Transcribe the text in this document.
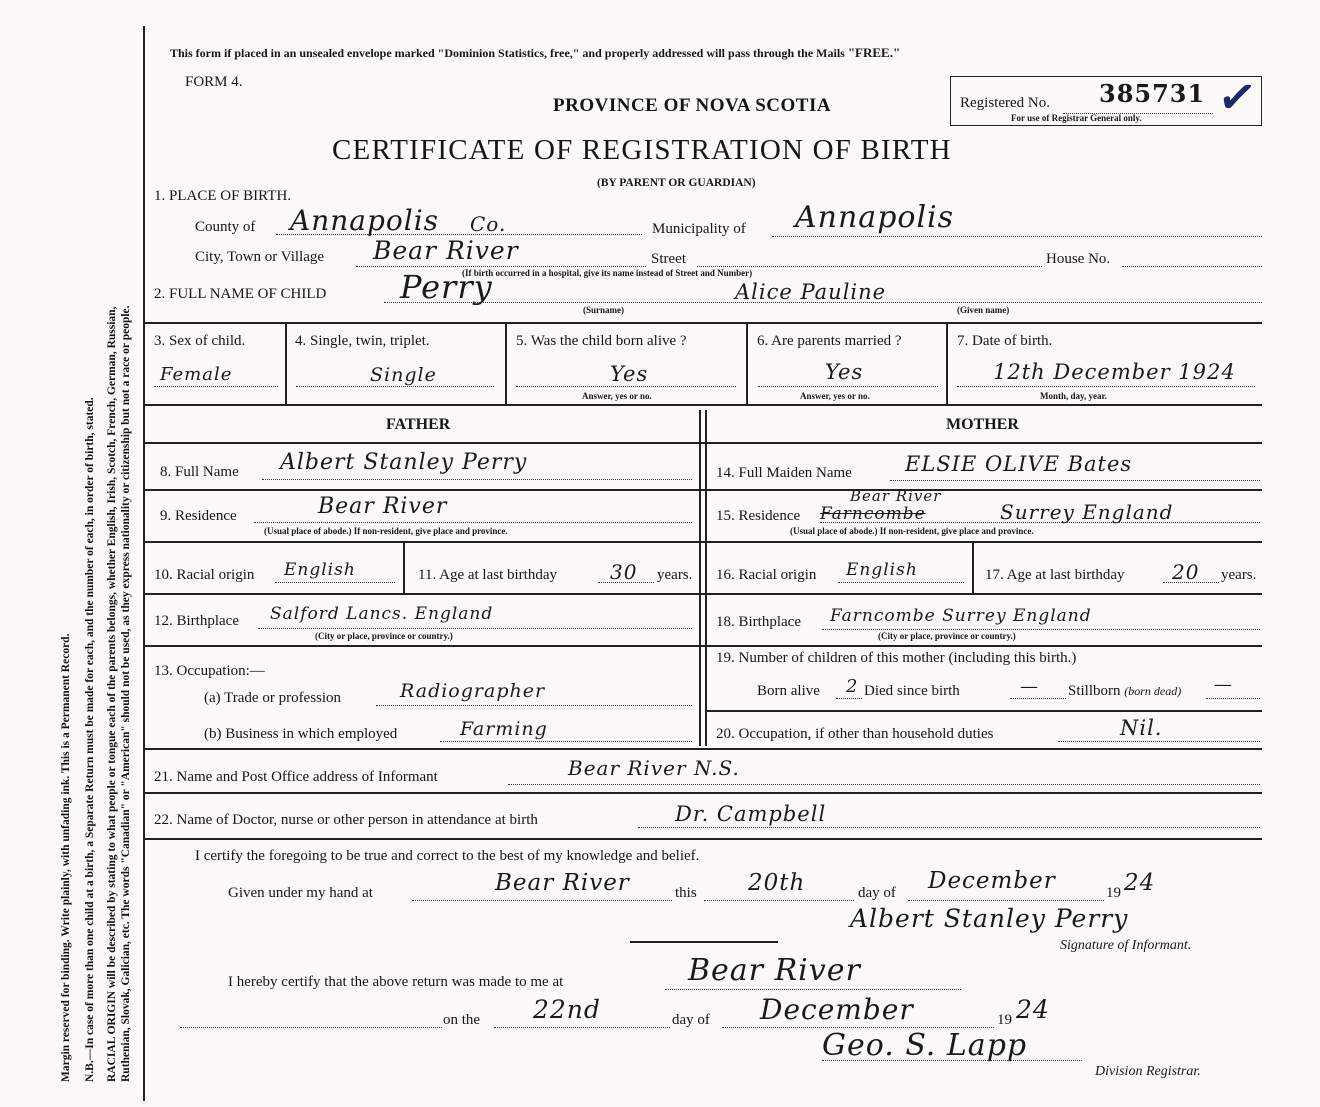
Margin reserved for binding. Write plainly, with unfading ink. This is a Permanent Record. N.B.—In case of more than one child at a birth, a Separate Return must be made for each, and the number of each, in order of birth, stated. RACIAL ORIGIN will be described by stating to what people or tongue each of the parents belongs, whether English, Irish, Scotch, French, German, Russian, Ruthenian, Slovak, Galician, etc. The words "Canadian" or "American" should not be used, as they express nationality or citizenship but not a race or people.
This form if placed in an unsealed envelope marked "Dominion Statistics, free," and properly addressed will pass through the Mails "FREE."
FORM 4.
PROVINCE OF NOVA SCOTIA	Registered No. 385731
For use of Registrar General only. ✓
CERTIFICATE OF REGISTRATION OF BIRTH
(BY PARENT OR GUARDIAN)
1. PLACE OF BIRTH.
County of Annapolis Co.	Municipality of Annapolis
City, Town or Village Bear River	Street	House No.
(If birth occurred in a hospital, give its name instead of Street and Number)
2. FULL NAME OF CHILD Perry	Alice Pauline
(Surname)	(Given name)
3. Sex of child.
Female
4. Single, twin, triplet.
Single
5. Was the child born alive ?
Yes
Answer, yes or no.
6. Are parents married ?
Yes
Answer, yes or no.
7. Date of birth.
12th December 1924
Month, day, year.
FATHER	MOTHER
8. Full Name Albert Stanley Perry	14. Full Maiden Name	ELSIE OLIVE Bates
9. Residence	Bear River
(Usual place of abode.) If non-resident, give place and province.
15. Residence
Bear River
Farncombe	Surrey England
(Usual place of abode.) If non-resident, give place and province.
10. Racial origin English	11. Age at last birthday	30 years. 16. Racial origin English	17. Age at last birthday 20 years.
12. Birthplace Salford Lancs. England
(City or place, province or country.)
18. Birthplace Farncombe Surrey England
(City or place, province or country.)
13. Occupation:—
(a) Trade or profession	Radiographer
(b) Business in which employed	Farming
19. Number of children of this mother (including this birth.)
Born alive 2 Died since birth	— Stillborn (born dead) —
20. Occupation, if other than household duties	Nil.
21. Name and Post Office address of Informant	Bear River N.S.
22. Name of Doctor, nurse or other person in attendance at birth	Dr. Campbell
I certify the foregoing to be true and correct to the best of my knowledge and belief.
Given under my hand at	Bear River	this 20th	day of December	19 24
Albert Stanley Perry
Signature of Informant.
I hereby certify that the above return was made to me at	Bear River
on the 22nd	day of December	19 24
Geo. S. Lapp
Division Registrar.
